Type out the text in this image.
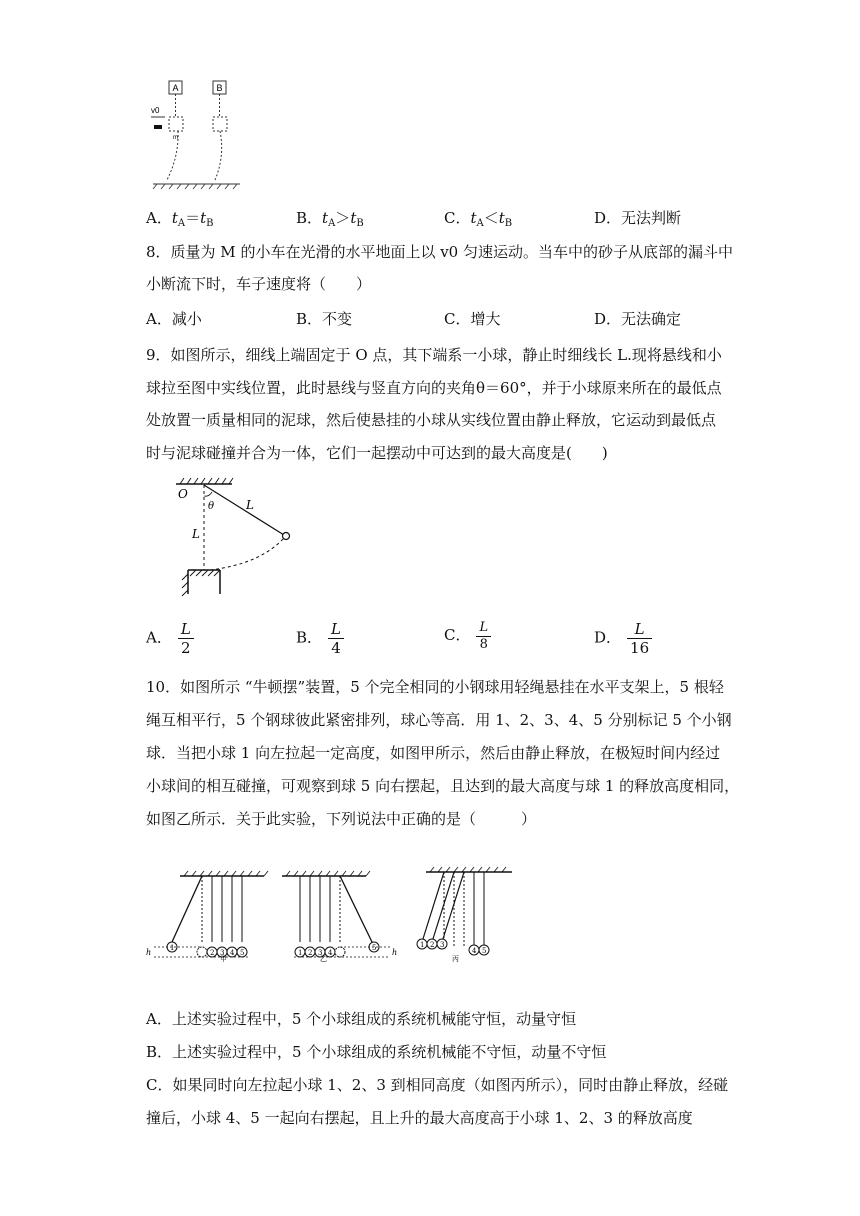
A	B
v0
m
A．$t_A=t_B$	B．$t_A>t_B$	C．$t_A<t_B$	D．无法判断
8．质量为 M 的小车在光滑的水平地面上以 v0 匀速运动。当车中的砂子从底部的漏斗中
小断流下时，车子速度将（　　）
A．减小	B．不变	C．增大	D．无法确定
9．如图所示，细线上端固定于 O 点，其下端系一小球，静止时细线长 L.现将悬线和小
球拉至图中实线位置，此时悬线与竖直方向的夹角θ＝60°，并于小球原来所在的最低点
处放置一质量相同的泥球，然后使悬挂的小球从实线位置由静止释放，它运动到最低点
时与泥球碰撞并合为一体，它们一起摆动中可达到的最大高度是(　　)
O
θ	L
L
A． $\frac{L}{2}$	B． $\frac{L}{4}$	C． $\frac{L}{8}$	D． $\frac{L}{16}$
10．如图所示 “牛顿摆”装置，5 个完全相同的小钢球用轻绳悬挂在水平支架上，5 根轻
绳互相平行，5 个钢球彼此紧密排列，球心等高．用 1、2、3、4、5 分别标记 5 个小钢
球．当把小球 1 向左拉起一定高度，如图甲所示，然后由静止释放，在极短时间内经过
小球间的相互碰撞，可观察到球 5 向右摆起，且达到的最大高度与球 1 的释放高度相同，
如图乙所示．关于此实验，下列说法中正确的是（　　　）
1
2 3 4 5
h
甲
1 2 3 4
5 h
乙
1 2 3
4 5
丙
A．上述实验过程中，5 个小球组成的系统机械能守恒，动量守恒
B．上述实验过程中，5 个小球组成的系统机械能不守恒，动量不守恒
C．如果同时向左拉起小球 1、2、3 到相同高度（如图丙所示），同时由静止释放，经碰
撞后，小球 4、5 一起向右摆起，且上升的最大高度高于小球 1、2、3 的释放高度
